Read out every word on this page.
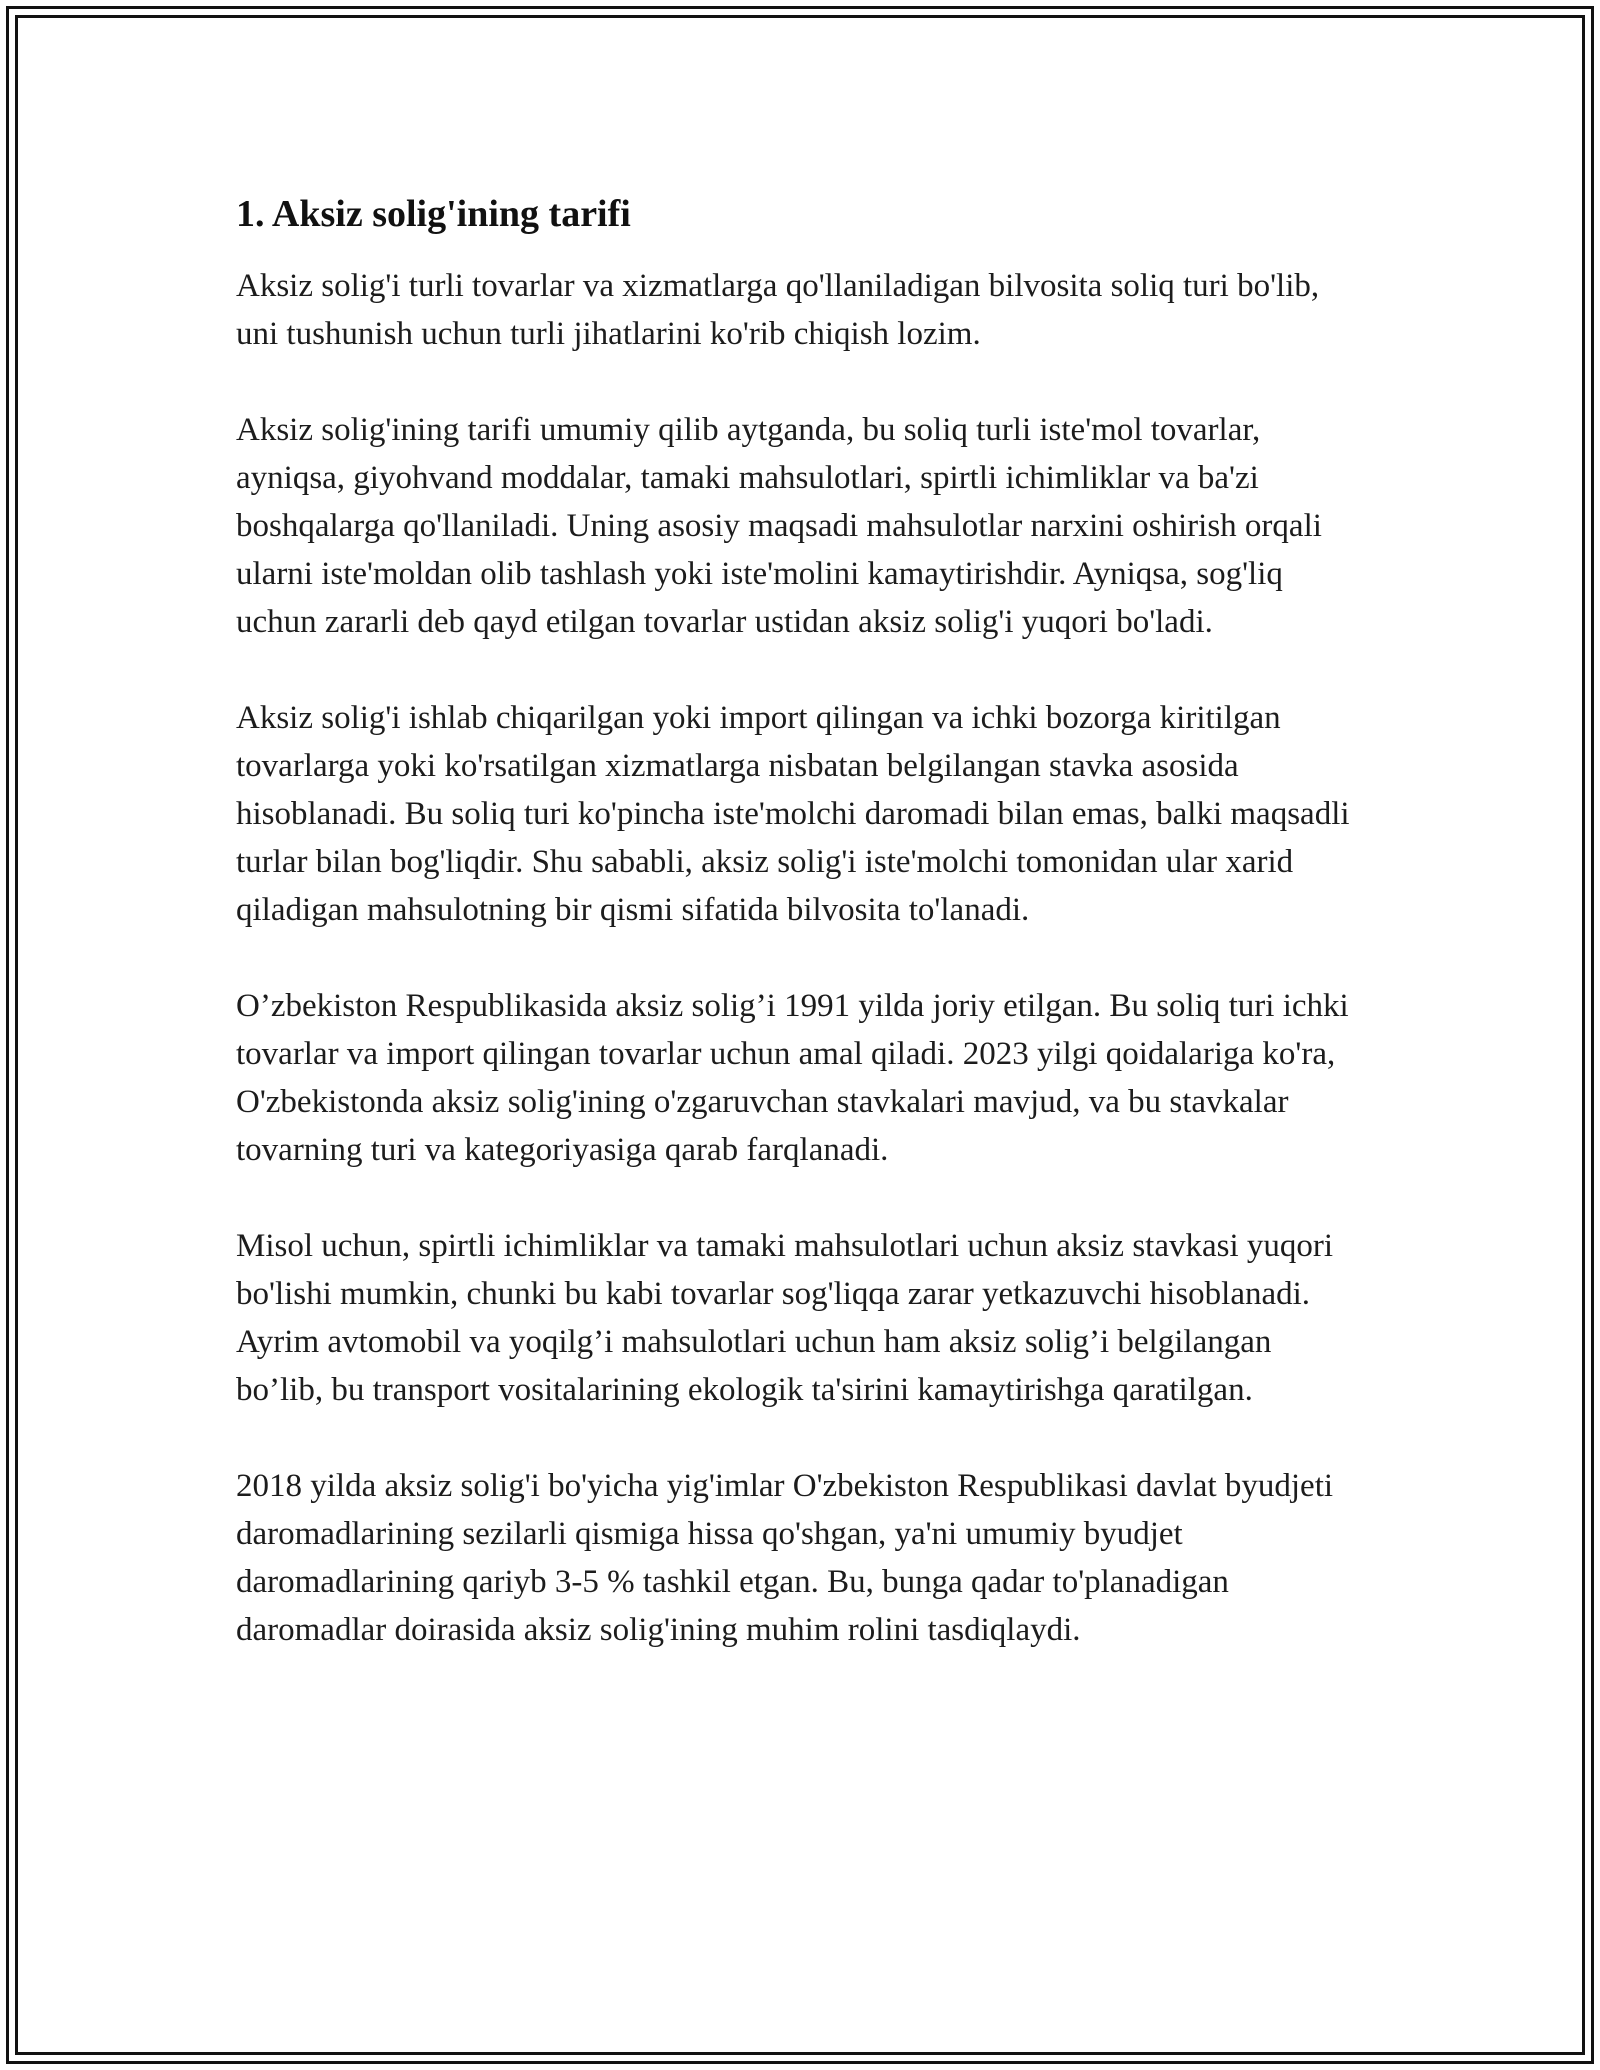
1. Aksiz solig'ining tarifi

Aksiz solig'i turli tovarlar va xizmatlarga qo'llaniladigan bilvosita soliq turi bo'lib, uni tushunish uchun turli jihatlarini ko'rib chiqish lozim.

Aksiz solig'ining tarifi umumiy qilib aytganda, bu soliq turli iste'mol tovarlar, ayniqsa, giyohvand moddalar, tamaki mahsulotlari, spirtli ichimliklar va ba'zi boshqalarga qo'llaniladi. Uning asosiy maqsadi mahsulotlar narxini oshirish orqali ularni iste'moldan olib tashlash yoki iste'molini kamaytirishdir. Ayniqsa, sog'liq uchun zararli deb qayd etilgan tovarlar ustidan aksiz solig'i yuqori bo'ladi.

Aksiz solig'i ishlab chiqarilgan yoki import qilingan va ichki bozorga kiritilgan tovarlarga yoki ko'rsatilgan xizmatlarga nisbatan belgilangan stavka asosida hisoblanadi. Bu soliq turi ko'pincha iste'molchi daromadi bilan emas, balki maqsadli turlar bilan bog'liqdir. Shu sababli, aksiz solig'i iste'molchi tomonidan ular xarid qiladigan mahsulotning bir qismi sifatida bilvosita to'lanadi.

O’zbekiston Respublikasida aksiz solig’i 1991 yilda joriy etilgan. Bu soliq turi ichki tovarlar va import qilingan tovarlar uchun amal qiladi. 2023 yilgi qoidalariga ko'ra, O'zbekistonda aksiz solig'ining o'zgaruvchan stavkalari mavjud, va bu stavkalar tovarning turi va kategoriyasiga qarab farqlanadi.

Misol uchun, spirtli ichimliklar va tamaki mahsulotlari uchun aksiz stavkasi yuqori bo'lishi mumkin, chunki bu kabi tovarlar sog'liqqa zarar yetkazuvchi hisoblanadi. Ayrim avtomobil va yoqilg’i mahsulotlari uchun ham aksiz solig’i belgilangan bo’lib, bu transport vositalarining ekologik ta'sirini kamaytirishga qaratilgan.

2018 yilda aksiz solig'i bo'yicha yig'imlar O'zbekiston Respublikasi davlat byudjeti daromadlarining sezilarli qismiga hissa qo'shgan, ya'ni umumiy byudjet daromadlarining qariyb 3-5 % tashkil etgan. Bu, bunga qadar to'planadigan daromadlar doirasida aksiz solig'ining muhim rolini tasdiqlaydi.
